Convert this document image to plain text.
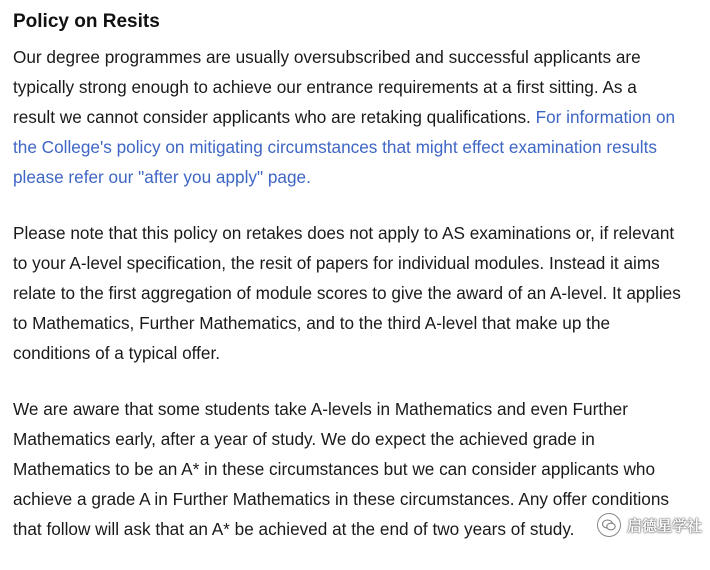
Policy on Resits

Our degree programmes are usually oversubscribed and successful applicants are typically strong enough to achieve our entrance requirements at a first sitting. As a result we cannot consider applicants who are retaking qualifications. For information on the College's policy on mitigating circumstances that might effect examination results please refer our "after you apply" page.

Please note that this policy on retakes does not apply to AS examinations or, if relevant to your A-level specification, the resit of papers for individual modules. Instead it aims relate to the first aggregation of module scores to give the award of an A-level. It applies to Mathematics, Further Mathematics, and to the third A-level that make up the conditions of a typical offer.

We are aware that some students take A-levels in Mathematics and even Further Mathematics early, after a year of study. We do expect the achieved grade in Mathematics to be an A* in these circumstances but we can consider applicants who achieve a grade A in Further Mathematics in these circumstances. Any offer conditions that follow will ask that an A* be achieved at the end of two years of study.	启德星学社
